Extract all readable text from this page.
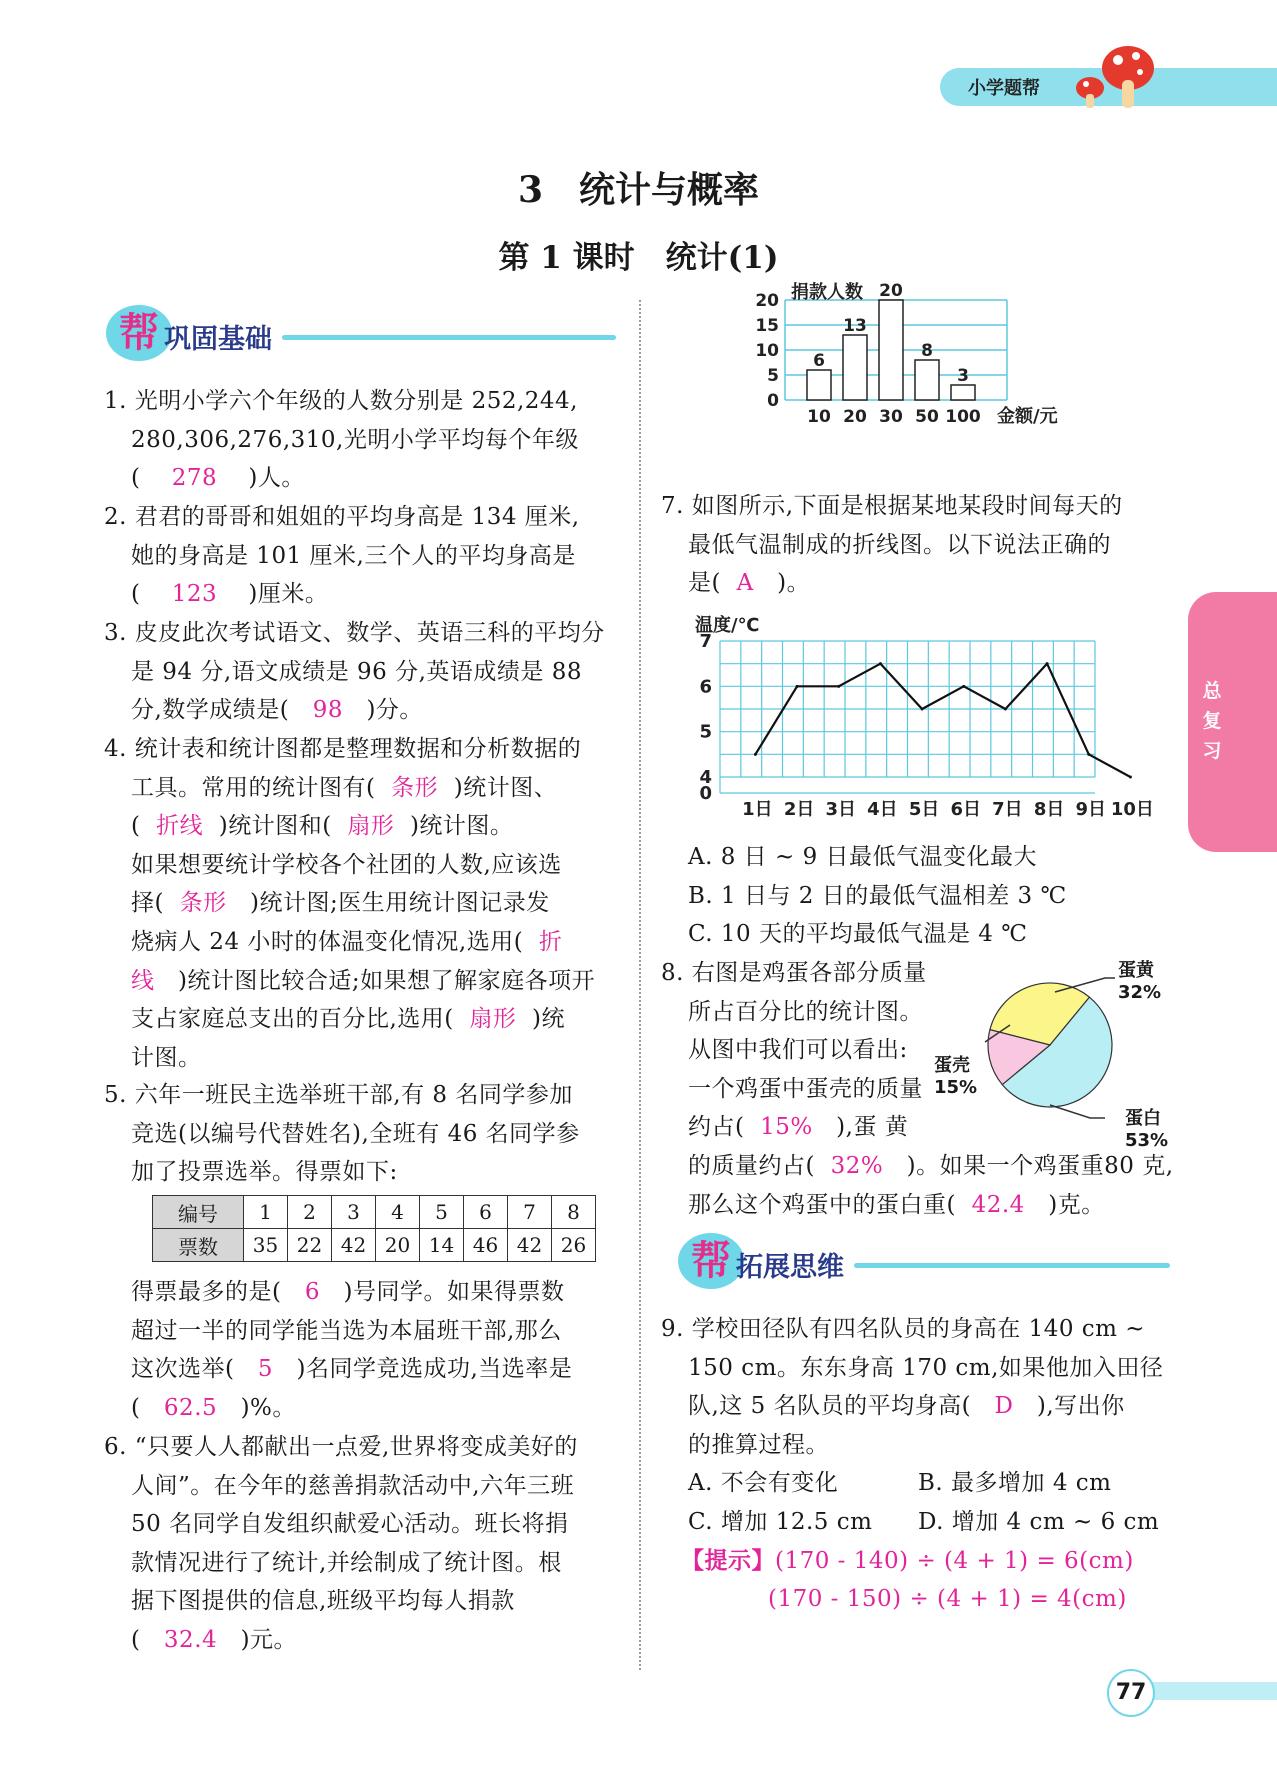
小学题帮
总
复
习
3　统计与概率
第 1 课时　统计(1)
帮 巩固基础

1. 光明小学六个年级的人数分别是 252,244,

280,306,276,310,光明小学平均每个年级

( 278 )人。

2. 君君的哥哥和姐姐的平均身高是 134 厘米,

她的身高是 101 厘米,三个人的平均身高是

( 123 )厘米。

3. 皮皮此次考试语文、数学、英语三科的平均分

是 94 分,语文成绩是 96 分,英语成绩是 88

分,数学成绩是( 98 )分。

4. 统计表和统计图都是整理数据和分析数据的

工具。常用的统计图有( 条形 )统计图、

( 折线 )统计图和( 扇形 )统计图。

如果想要统计学校各个社团的人数,应该选

择( 条形 )统计图;医生用统计图记录发

烧病人 24 小时的体温变化情况,选用( 折

线 )统计图比较合适;如果想了解家庭各项开

支占家庭总支出的百分比,选用( 扇形 )统

计图。

5. 六年一班民主选举班干部,有 8 名同学参加

竞选(以编号代替姓名),全班有 46 名同学参

加了投票选举。得票如下:

编号	1	2	3	4	5	6	7	8
票数	35	22	42	20	14	46	42	26

得票最多的是( 6 )号同学。如果得票数

超过一半的同学能当选为本届班干部,那么

这次选举( 5 )名同学竞选成功,当选率是

( 62.5 )%。

6. “只要人人都献出一点爱,世界将变成美好的

人间”。在今年的慈善捐款活动中,六年三班

50 名同学自发组织献爱心活动。班长将捐

款情况进行了统计,并绘制成了统计图。根

据下图提供的信息,班级平均每人捐款

( 32.4 )元。

0
5
10
15
20
6
10
13
20
20
30
8
50
3
100
捐款人数
金额/元

7. 如图所示,下面是根据某地某段时间每天的

最低气温制成的折线图。以下说法正确的

是( A )。

0
4
5
6
7
温度/℃
1日 2日 3日 4日 5日 6日 7日 8日 9日 10日

A. 8 日 ~ 9 日最低气温变化最大

B. 1 日与 2 日的最低气温相差 3 ℃

C. 10 天的平均最低气温是 4 ℃

8. 右图是鸡蛋各部分质量

所占百分比的统计图。

从图中我们可以看出:

一个鸡蛋中蛋壳的质量

约占( 15% ),蛋 黄

的质量约占( 32% )。如果一个鸡蛋重80 克,

那么这个鸡蛋中的蛋白重( 42.4 )克。

蛋黄
32%
蛋白
53%
蛋壳
15%
帮 拓展思维

9. 学校田径队有四名队员的身高在 140 cm ~

150 cm。东东身高 170 cm,如果他加入田径

队,这 5 名队员的平均身高( D ),写出你

的推算过程。

A. 不会有变化	B. 最多增加 4 cm

C. 增加 12.5 cm D. 增加 4 cm ~ 6 cm

【提示】(170 - 140) ÷ (4 + 1) = 6(cm)

(170 - 150) ÷ (4 + 1) = 4(cm)

77
